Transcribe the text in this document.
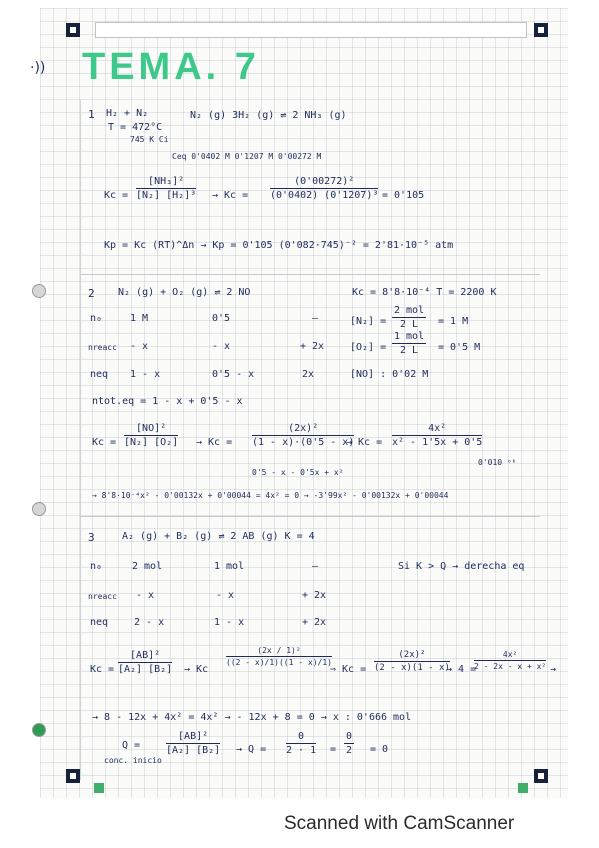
·)) TEMA. 7
1 H₂ + N₂
T = 472°C
745 K Ci
N₂ (g) 3H₂ (g) ⇌ 2 NH₃ (g)
Ceq 0'0402 M 0'1207 M 0'00272 M
$Kc = \frac{\text{[NH₃]²}}{\text{[N₂] [H₂]³}} \to Kc = \frac{\text{(0'00272)²}}{\text{(0'0402) (0'1207)³}} = 0'105$
Kp = Kc (RT)^Δn → Kp = 0'105 (0'082·745)⁻² = 2'81·10⁻⁵ atm
2 N₂ (g) + O₂ (g) ⇌ 2 NO	Kc = 8'8·10⁻⁴ T = 2200 K
n₀	1 M	0'5	—
nreacc - x	- x	+ 2x
neq 1 - x	0'5 - x	2x
[N₂] =
2 mol
2 L	= 1 M
[O₂] =
1 mol
2 L	= 0'5 M
[NO] : 0'02 M
ntot.eq = 1 - x + 0'5 - x
$Kc = \frac{\text{[NO]²}}{\text{[N₂] [O₂]}} \to Kc = \frac{\text{(2x)²}}{(1 - x)\cdot(0'5 - x)}$
0'5 - x - 0'5x + x²
→ $Kc = \frac{\text{4x²}}{\text{x² - 1'5x + 0'5}}$
0'010 ᵒᵏ
→ 8'8·10⁻⁴x² - 0'00132x + 0'00044 = 4x² = 0 → -3'99x² - 0'00132x + 0'00044
3	A₂ (g) + B₂ (g) ⇌ 2 AB (g) K = 4
n₀	2 mol	1 mol	—	Si K > Q → derecha eq
nreacc - x	- x	+ 2x
neq	2 - x	1 - x	+ 2x
$Kc = \frac{\text{[AB]²}}{\text{[A₂] [B₂]}} \to Kc$
$\frac{\text{(2x / 1)²}}{((2 - x)/1)((1 - x)/1)}$
⇒ $Kc = \frac{\text{(2x)²}}{(2 - x)(1 - x)}$
→ 4 =
$\frac{\text{4x²}}{\text{2 - 2x - x + x²}}$ →
→ 8 - 12x + 4x² = 4x² → - 12x + 8 = 0 → x : 0'666 mol
Q =
conc. inicio
$\frac{\text{[AB]²}}{\text{[A₂] [B₂]}} \to Q = \frac{0}{2 \cdot 1} = \frac{0}{2} = 0$
Scanned with CamScanner
